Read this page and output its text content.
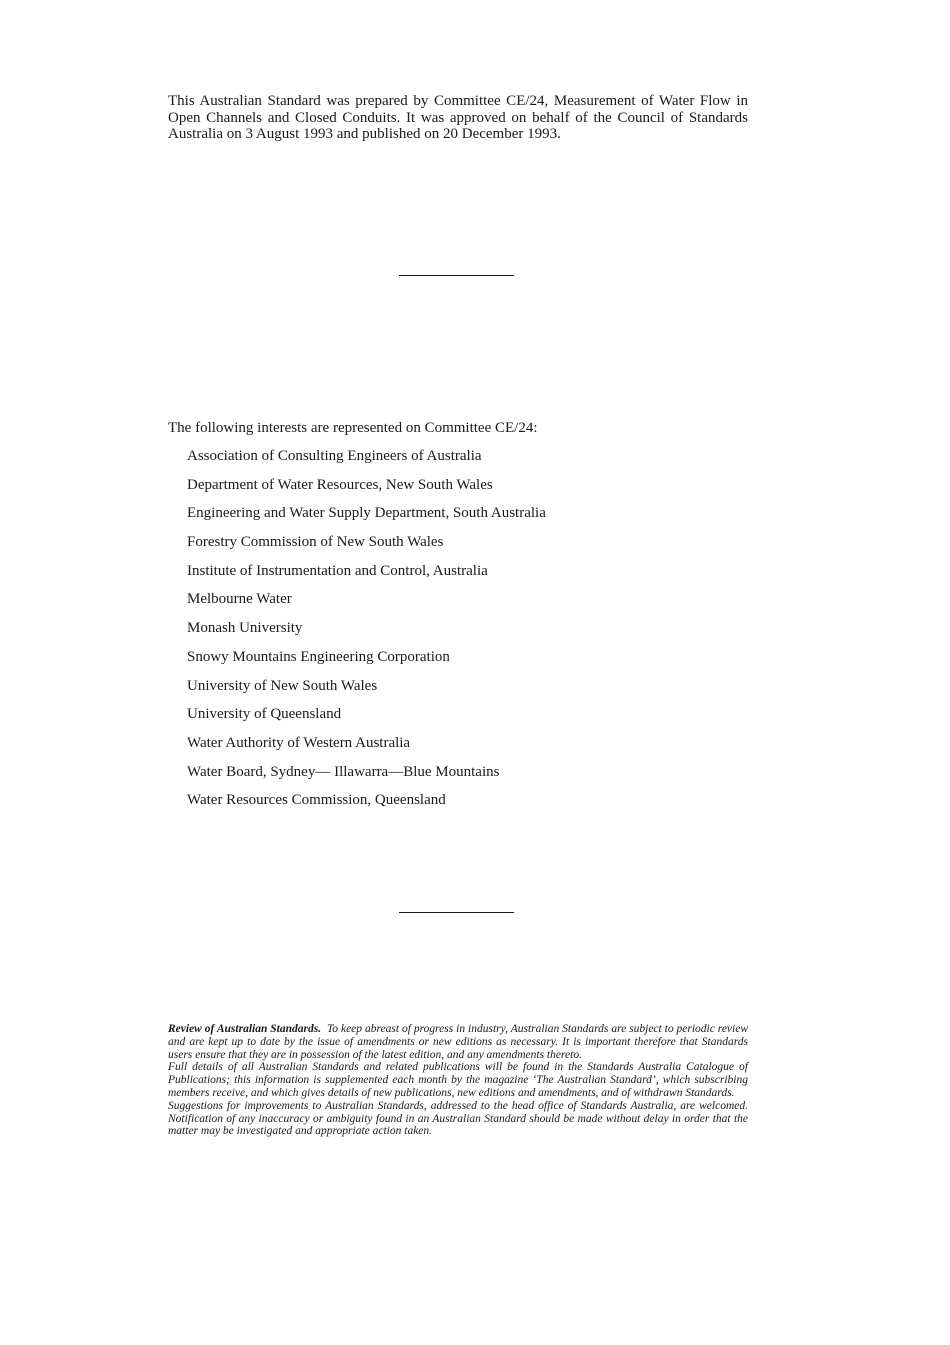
This Australian Standard was prepared by Committee CE/24, Measurement of Water Flow in Open Channels and Closed Conduits. It was approved on behalf of the Council of Standards Australia on 3 August 1993 and published on 20 December 1993.

The following interests are represented on Committee CE/24:

Association of Consulting Engineers of Australia
Department of Water Resources, New South Wales
Engineering and Water Supply Department, South Australia
Forestry Commission of New South Wales
Institute of Instrumentation and Control, Australia
Melbourne Water
Monash University
Snowy Mountains Engineering Corporation
University of New South Wales
University of Queensland
Water Authority of Western Australia
Water Board, Sydney— Illawarra—Blue Mountains
Water Resources Commission, Queensland

Review of Australian Standards. To keep abreast of progress in industry, Australian Standards are subject to periodic review and are kept up to date by the issue of amendments or new editions as necessary. It is important therefore that Standards users ensure that they are in possession of the latest edition, and any amendments thereto.

Full details of all Australian Standards and related publications will be found in the Standards Australia Catalogue of Publications; this information is supplemented each month by the magazine ‘The Australian Standard’, which subscribing members receive, and which gives details of new publications, new editions and amendments, and of withdrawn Standards.

Suggestions for improvements to Australian Standards, addressed to the head office of Standards Australia, are welcomed. Notification of any inaccuracy or ambiguity found in an Australian Standard should be made without delay in order that the matter may be investigated and appropriate action taken.
